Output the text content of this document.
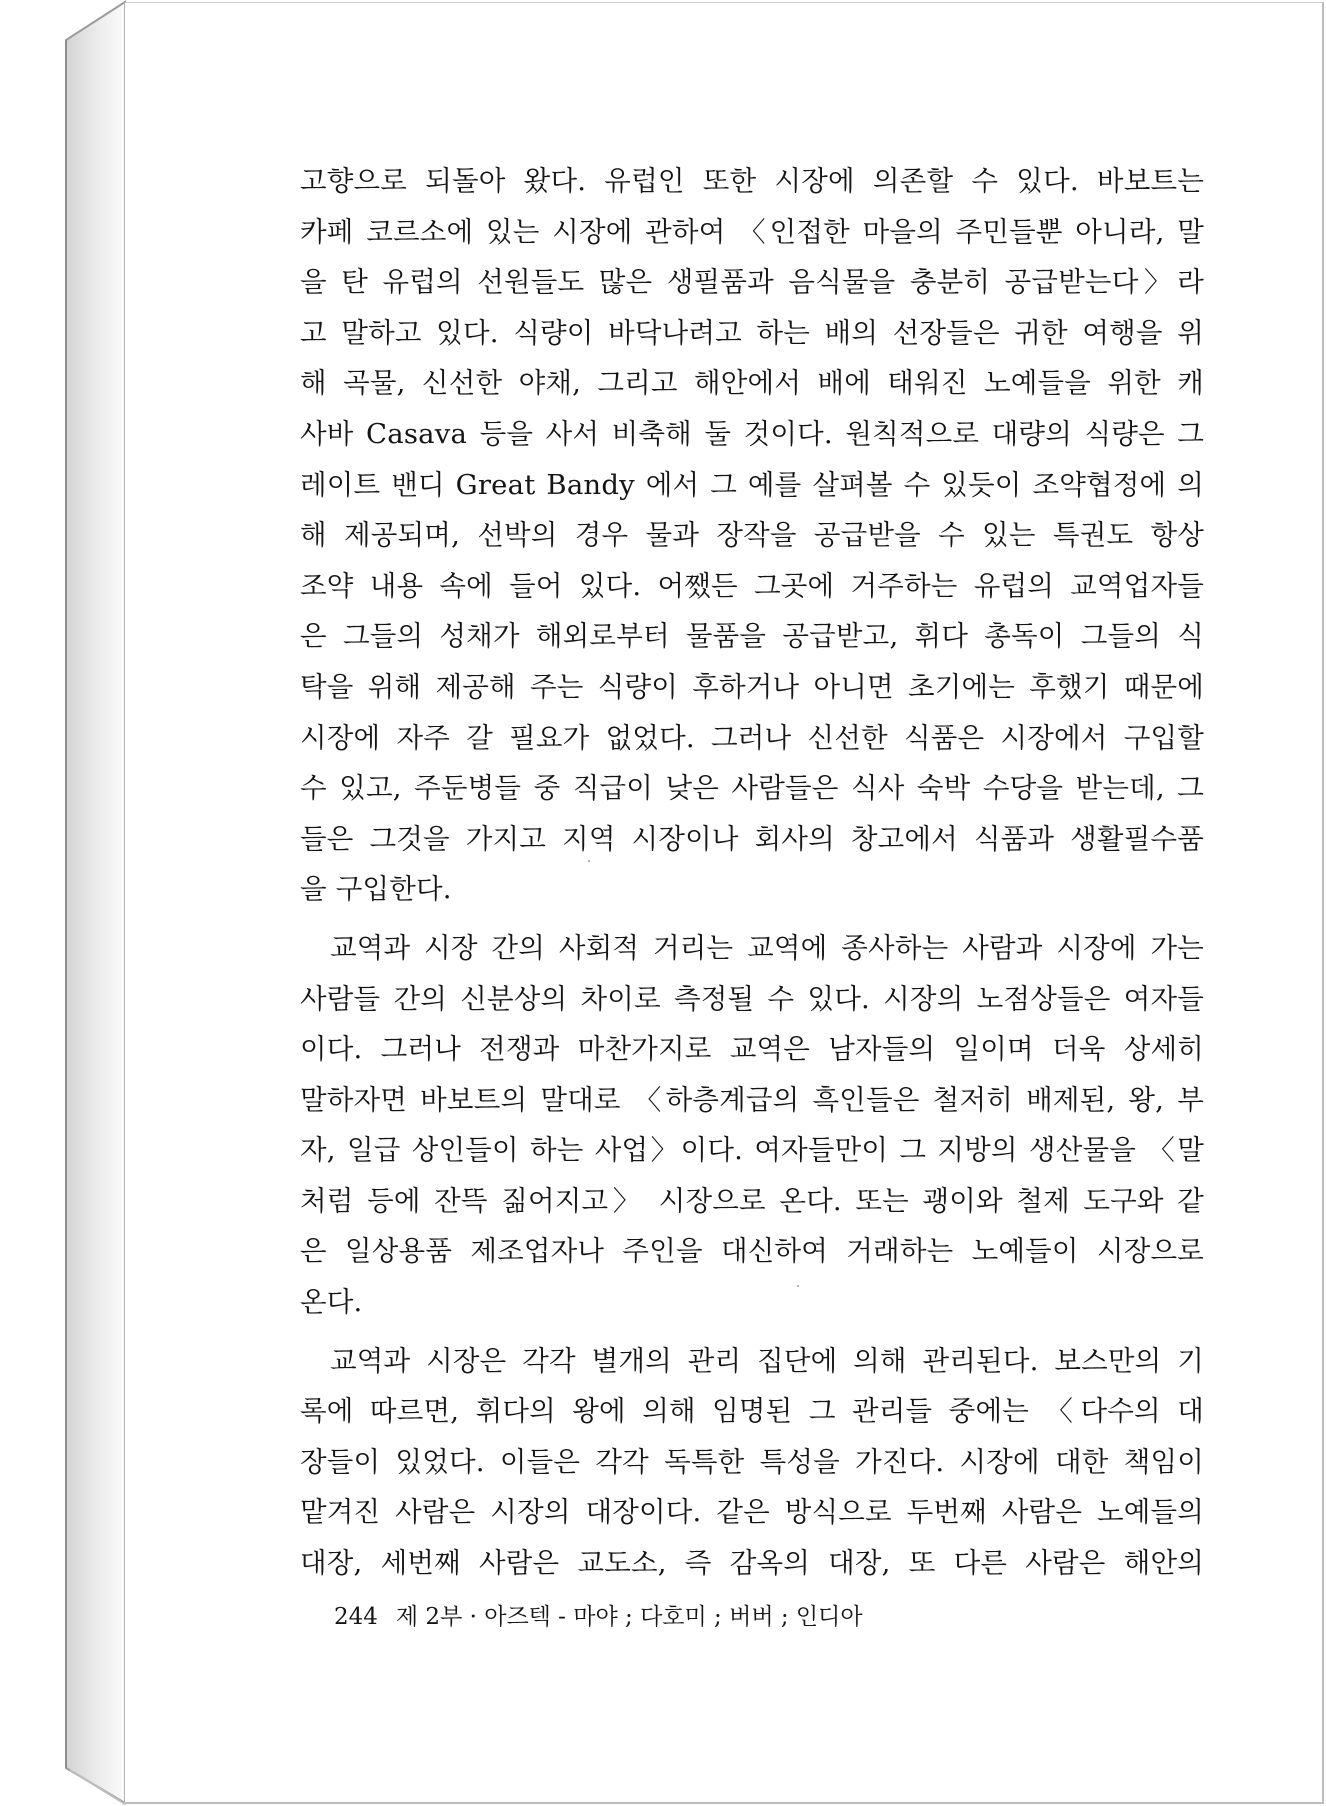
고향으로 되돌아 왔다. 유럽인 또한 시장에 의존할 수 있다. 바보트는
카페 코르소에 있는 시장에 관하여 〈인접한 마을의 주민들뿐 아니라, 말
을 탄 유럽의 선원들도 많은 생필품과 음식물을 충분히 공급받는다〉라
고 말하고 있다. 식량이 바닥나려고 하는 배의 선장들은 귀한 여행을 위
해 곡물, 신선한 야채, 그리고 해안에서 배에 태워진 노예들을 위한 캐
사바 Casava 등을 사서 비축해 둘 것이다. 원칙적으로 대량의 식량은 그
레이트 밴디 Great Bandy 에서 그 예를 살펴볼 수 있듯이 조약협정에 의
해 제공되며, 선박의 경우 물과 장작을 공급받을 수 있는 특권도 항상
조약 내용 속에 들어 있다. 어쨌든 그곳에 거주하는 유럽의 교역업자들
은 그들의 성채가 해외로부터 물품을 공급받고, 휘다 총독이 그들의 식
탁을 위해 제공해 주는 식량이 후하거나 아니면 초기에는 후했기 때문에
시장에 자주 갈 필요가 없었다. 그러나 신선한 식품은 시장에서 구입할
수 있고, 주둔병들 중 직급이 낮은 사람들은 식사 숙박 수당을 받는데, 그
들은 그것을 가지고 지역 시장이나 회사의 창고에서 식품과 생활필수품
을 구입한다.
교역과 시장 간의 사회적 거리는 교역에 종사하는 사람과 시장에 가는
사람들 간의 신분상의 차이로 측정될 수 있다. 시장의 노점상들은 여자들
이다. 그러나 전쟁과 마찬가지로 교역은 남자들의 일이며 더욱 상세히
말하자면 바보트의 말대로 〈하층계급의 흑인들은 철저히 배제된, 왕, 부
자, 일급 상인들이 하는 사업〉이다. 여자들만이 그 지방의 생산물을 〈말
처럼 등에 잔뜩 짊어지고〉 시장으로 온다. 또는 괭이와 철제 도구와 같
은 일상용품 제조업자나 주인을 대신하여 거래하는 노예들이 시장으로
온다.
교역과 시장은 각각 별개의 관리 집단에 의해 관리된다. 보스만의 기
록에 따르면, 휘다의 왕에 의해 임명된 그 관리들 중에는 〈다수의 대
장들이 있었다. 이들은 각각 독특한 특성을 가진다. 시장에 대한 책임이
맡겨진 사람은 시장의 대장이다. 같은 방식으로 두번째 사람은 노예들의
대장, 세번째 사람은 교도소, 즉 감옥의 대장, 또 다른 사람은 해안의
244 제 2부 · 아즈텍 - 마야 ; 다호미 ; 버버 ; 인디아
